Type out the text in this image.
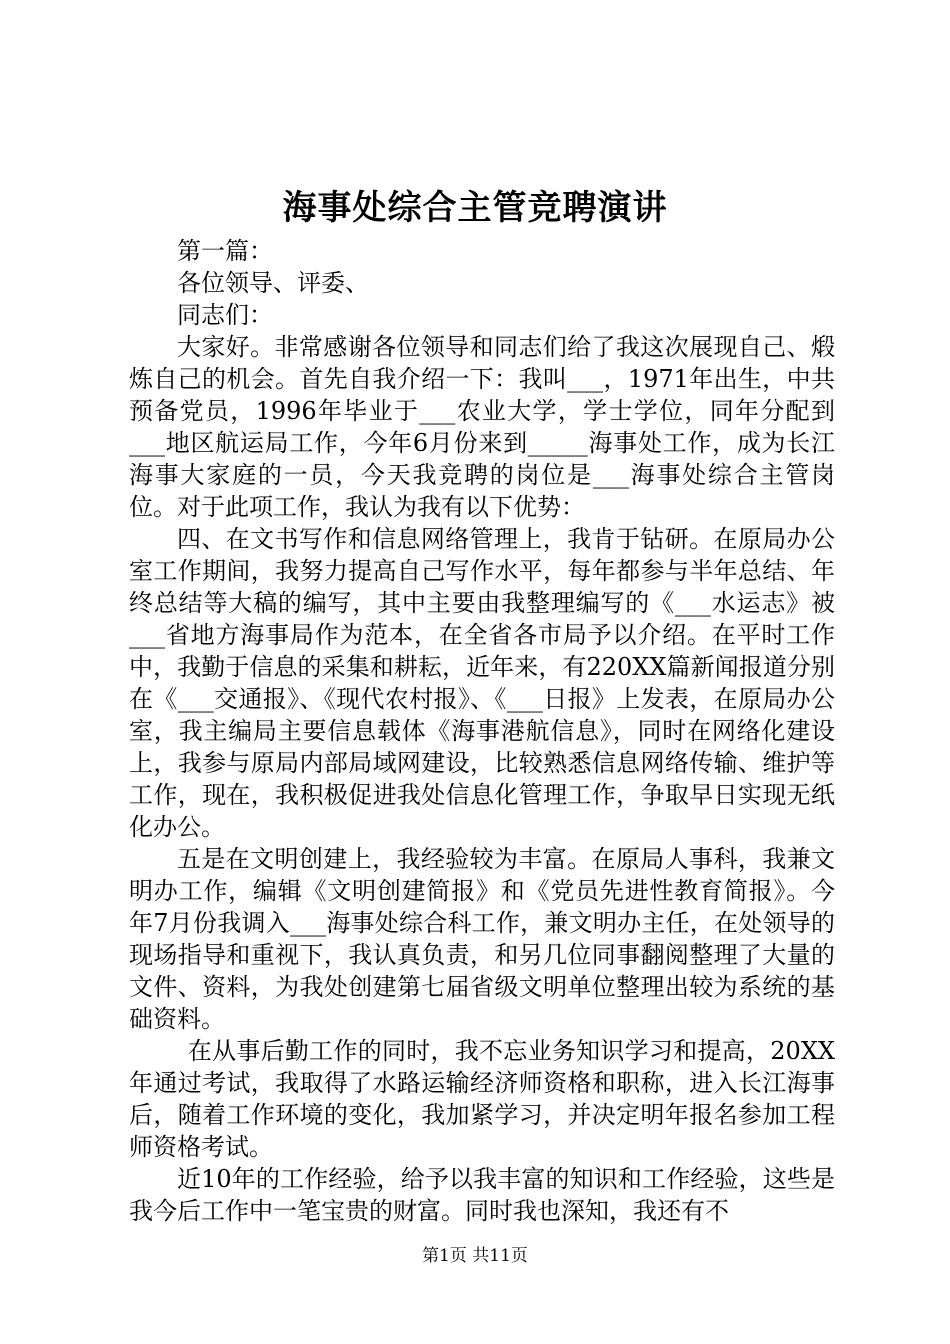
海事处综合主管竞聘演讲

第一篇：

各位领导、评委、

同志们：

大家好。非常感谢各位领导和同志们给了我这次展现自己、煅炼自己的机会。首先自我介绍一下：我叫___，1971年出生，中共预备党员，1996年毕业于___农业大学，学士学位，同年分配到___地区航运局工作，今年6月份来到_____海事处工作，成为长江海事大家庭的一员，今天我竞聘的岗位是___海事处综合主管岗位。对于此项工作，我认为我有以下优势：

四、在文书写作和信息网络管理上，我肯于钻研。在原局办公室工作期间，我努力提高自己写作水平，每年都参与半年总结、年终总结等大稿的编写，其中主要由我整理编写的《___水运志》被___省地方海事局作为范本，在全省各市局予以介绍。在平时工作中，我勤于信息的采集和耕耘，近年来，有220XX篇新闻报道分别在《___交通报》、《现代农村报》、《___日报》上发表，在原局办公室，我主编局主要信息载体《海事港航信息》，同时在网络化建设上，我参与原局内部局域网建设，比较熟悉信息网络传输、维护等工作，现在，我积极促进我处信息化管理工作，争取早日实现无纸化办公。

五是在文明创建上，我经验较为丰富。在原局人事科，我兼文明办工作，编辑《文明创建简报》和《党员先进性教育简报》。今年7月份我调入___海事处综合科工作，兼文明办主任，在处领导的现场指导和重视下，我认真负责，和另几位同事翻阅整理了大量的文件、资料，为我处创建第七届省级文明单位整理出较为系统的基础资料。

在从事后勤工作的同时，我不忘业务知识学习和提高，20XX年通过考试，我取得了水路运输经济师资格和职称，进入长江海事后，随着工作环境的变化，我加紧学习，并决定明年报名参加工程师资格考试。

近10年的工作经验，给予以我丰富的知识和工作经验，这些是我今后工作中一笔宝贵的财富。同时我也深知，我还有不

第1页 共11页
